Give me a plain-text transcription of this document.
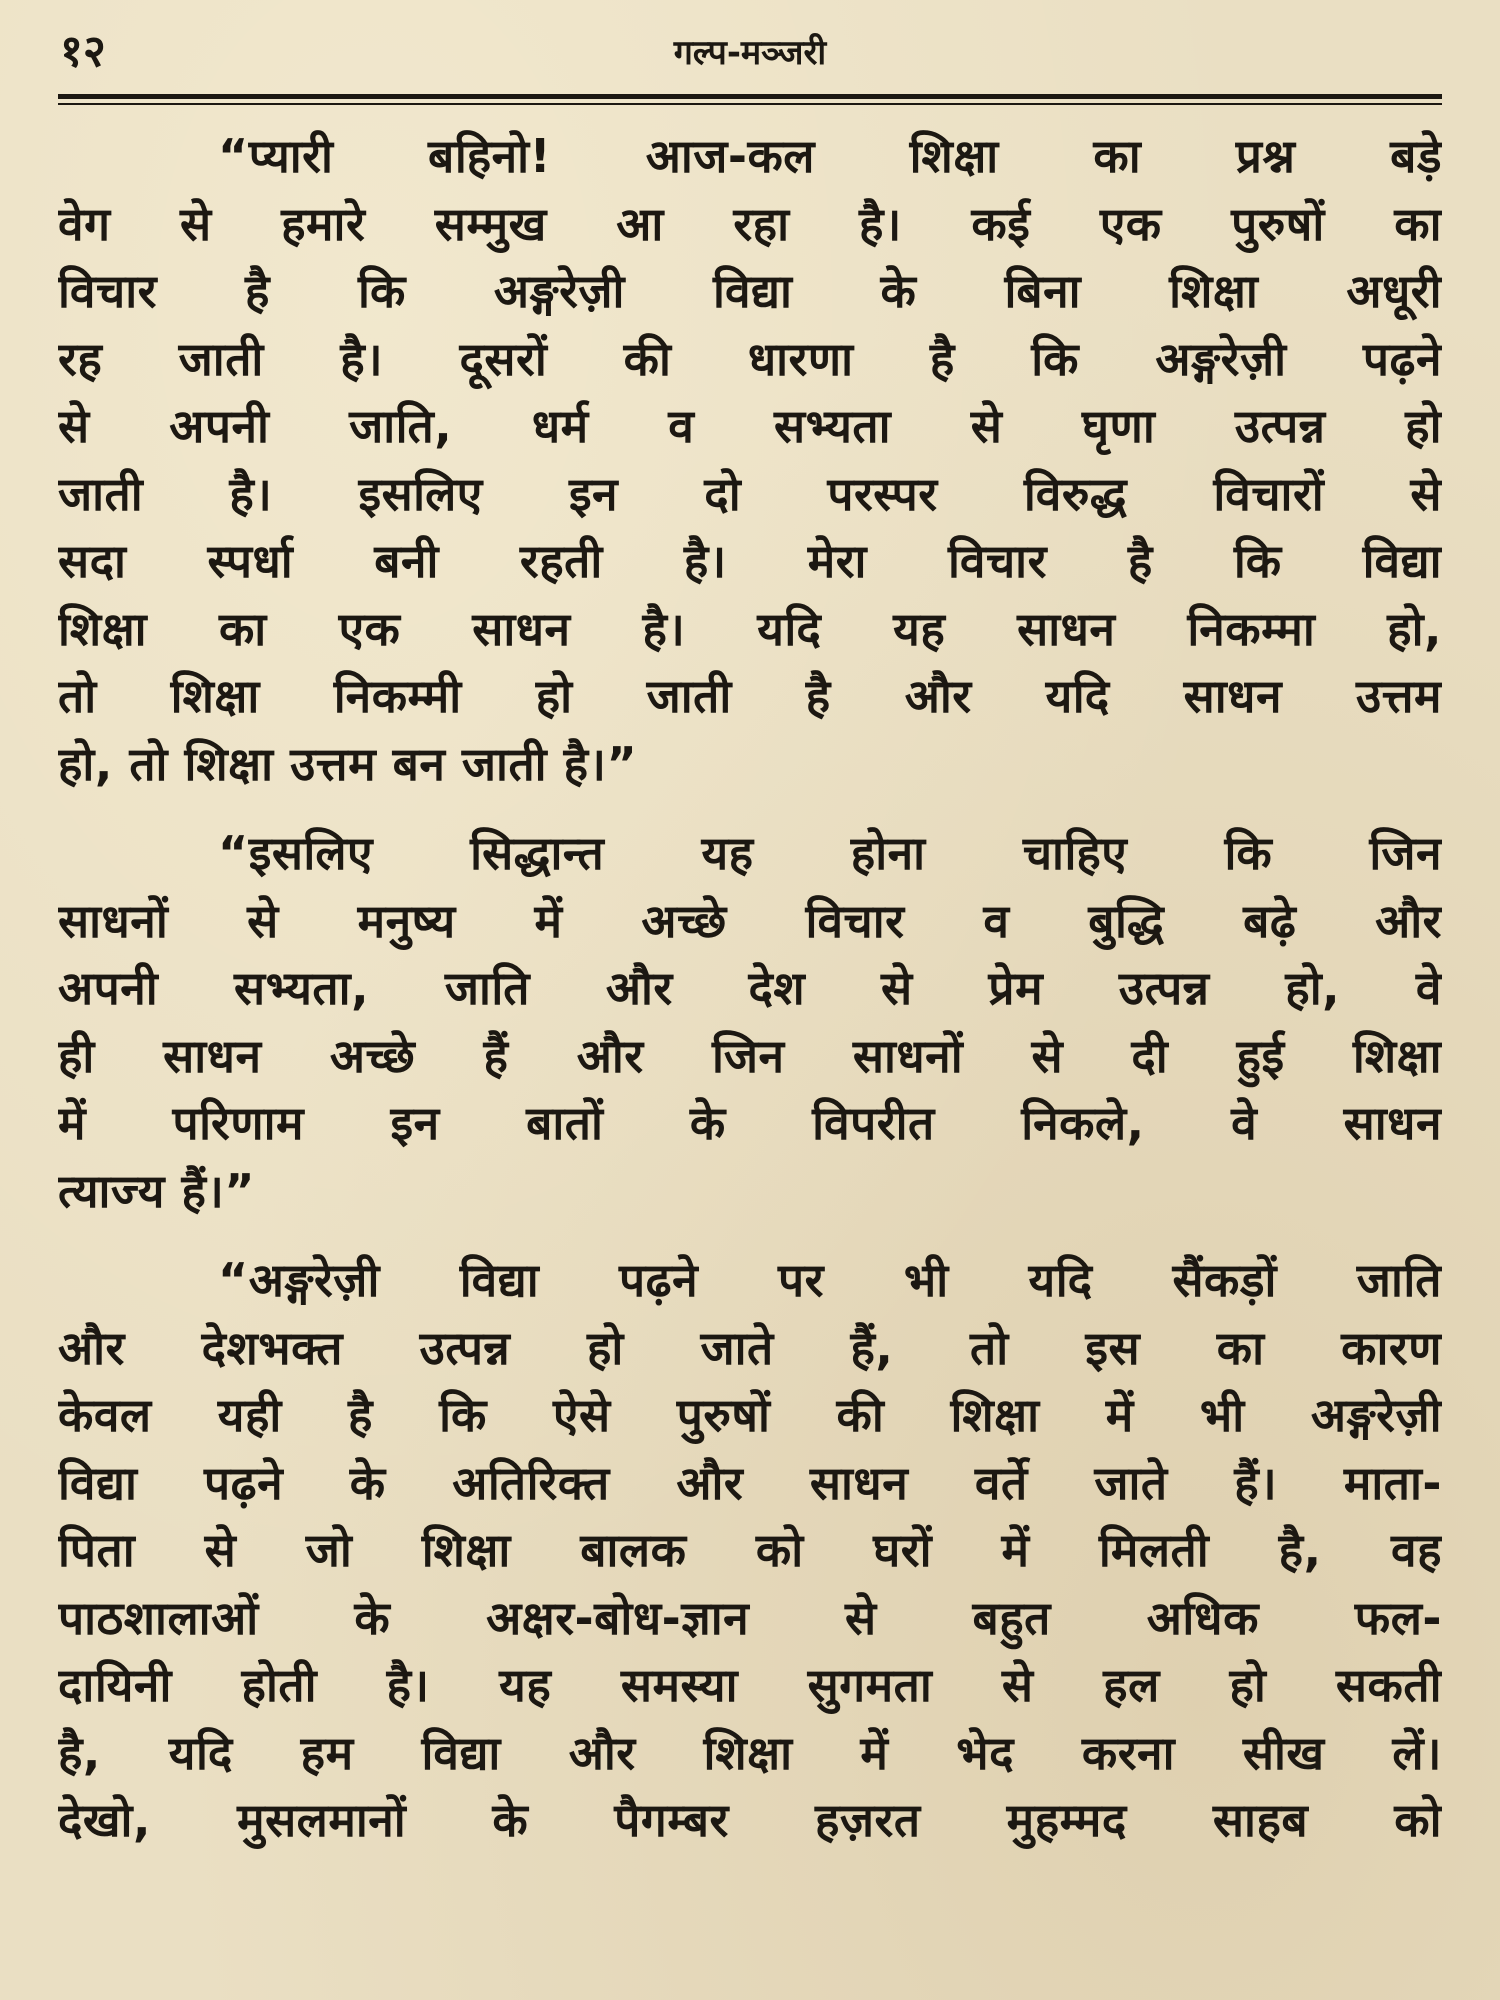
१२	गल्प-मञ्जरी

“प्यारी बहिनो! आज-कल शिक्षा का प्रश्न बड़े
वेग से हमारे सम्मुख आ रहा है। कई एक पुरुषों का
विचार है कि अङ्गरेज़ी विद्या के बिना शिक्षा अधूरी
रह जाती है। दूसरों की धारणा है कि अङ्गरेज़ी पढ़ने
से अपनी जाति, धर्म व सभ्यता से घृणा उत्पन्न हो
जाती है। इसलिए इन दो परस्पर विरुद्ध विचारों से
सदा स्पर्धा बनी रहती है। मेरा विचार है कि विद्या
शिक्षा का एक साधन है। यदि यह साधन निकम्मा हो,
तो शिक्षा निकम्मी हो जाती है और यदि साधन उत्तम
हो, तो शिक्षा उत्तम बन जाती है।”

“इसलिए सिद्धान्त यह होना चाहिए कि जिन
साधनों से मनुष्य में अच्छे विचार व बुद्धि बढ़े और
अपनी सभ्यता, जाति और देश से प्रेम उत्पन्न हो, वे
ही साधन अच्छे हैं और जिन साधनों से दी हुई शिक्षा
में परिणाम इन बातों के विपरीत निकले, वे साधन
त्याज्य हैं।”

“अङ्गरेज़ी विद्या पढ़ने पर भी यदि सैंकड़ों जाति
और देशभक्त उत्पन्न हो जाते हैं, तो इस का कारण
केवल यही है कि ऐसे पुरुषों की शिक्षा में भी अङ्गरेज़ी
विद्या पढ़ने के अतिरिक्त और साधन वर्ते जाते हैं। माता-
पिता से जो शिक्षा बालक को घरों में मिलती है, वह
पाठशालाओं के अक्षर-बोध-ज्ञान से बहुत अधिक फल-
दायिनी होती है। यह समस्या सुगमता से हल हो सकती
है, यदि हम विद्या और शिक्षा में भेद करना सीख लें।
देखो, मुसलमानों के पैगम्बर हज़रत मुहम्मद साहब को
